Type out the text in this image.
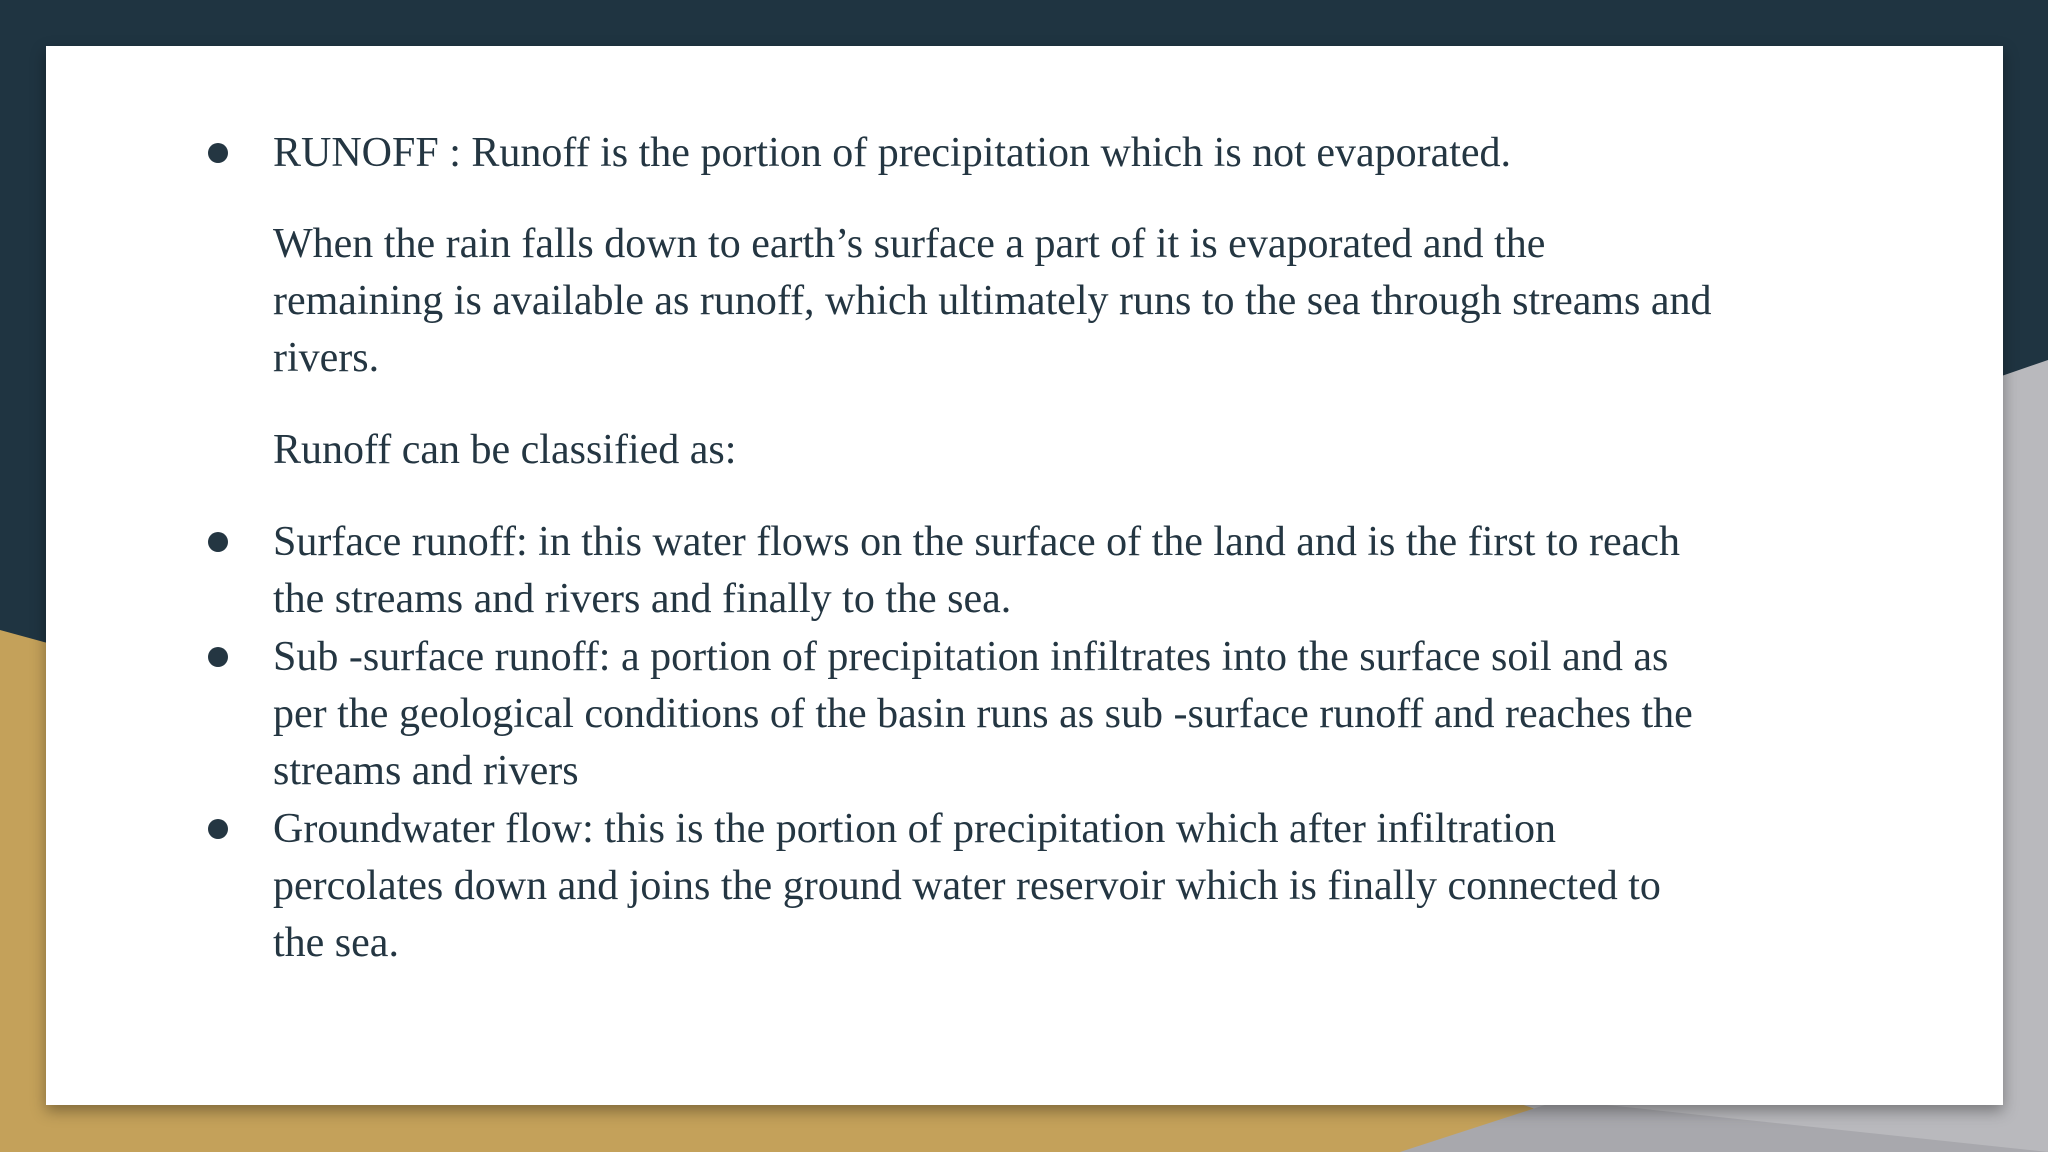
RUNOFF : Runoff is the portion of precipitation which is not evaporated.
When the rain falls down to earth’s surface a part of it is evaporated and the
remaining is available as runoff, which ultimately runs to the sea through streams and
rivers.
Runoff can be classified as:
Surface runoff: in this water flows on the surface of the land and is the first to reach
the streams and rivers and finally to the sea.
Sub -surface runoff: a portion of precipitation infiltrates into the surface soil and as
per the geological conditions of the basin runs as sub -surface runoff and reaches the
streams and rivers
Groundwater flow: this is the portion of precipitation which after infiltration
percolates down and joins the ground water reservoir which is finally connected to
the sea.
